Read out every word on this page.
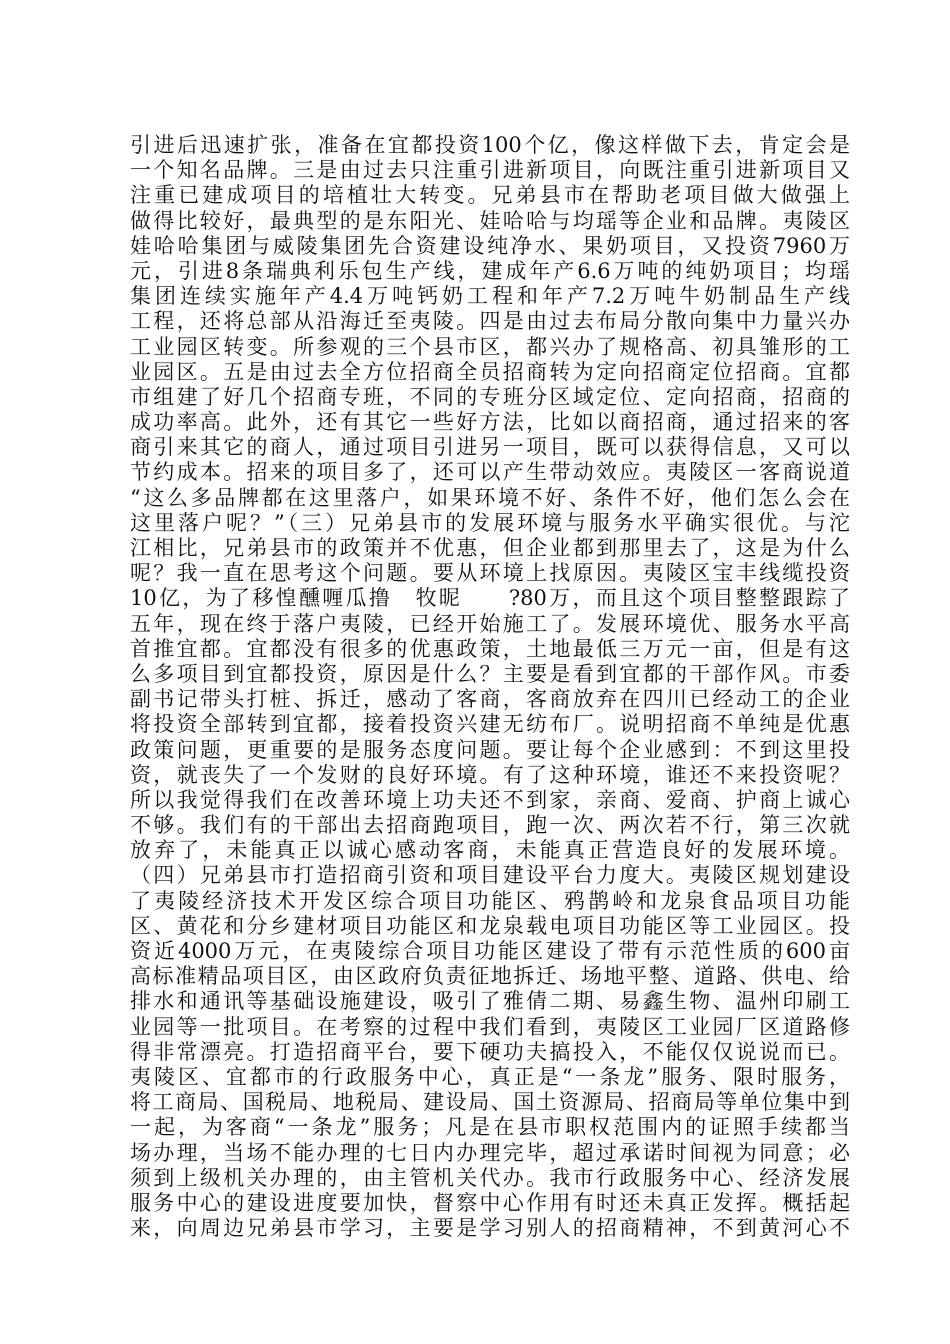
引进后迅速扩张，准备在宜都投资100个亿，像这样做下去，肯定会是
一个知名品牌。三是由过去只注重引进新项目，向既注重引进新项目又
注重已建成项目的培植壮大转变。兄弟县市在帮助老项目做大做强上
做得比较好，最典型的是东阳光、娃哈哈与均瑶等企业和品牌。夷陵区
娃哈哈集团与威陵集团先合资建设纯净水、果奶项目，又投资7960万
元，引进8条瑞典利乐包生产线，建成年产6.6万吨的纯奶项目；均瑶
集团连续实施年产4.4万吨钙奶工程和年产7.2万吨牛奶制品生产线
工程，还将总部从沿海迁至夷陵。四是由过去布局分散向集中力量兴办
工业园区转变。所参观的三个县市区，都兴办了规格高、初具雏形的工
业园区。五是由过去全方位招商全员招商转为定向招商定位招商。宜都
市组建了好几个招商专班，不同的专班分区域定位、定向招商，招商的
成功率高。此外，还有其它一些好方法，比如以商招商，通过招来的客
商引来其它的商人，通过项目引进另一项目，既可以获得信息，又可以
节约成本。招来的项目多了，还可以产生带动效应。夷陵区一客商说道
“这么多品牌都在这里落户，如果环境不好、条件不好，他们怎么会在
这里落户呢？”（三）兄弟县市的发展环境与服务水平确实很优。与沱
江相比，兄弟县市的政策并不优惠，但企业都到那里去了，这是为什么
呢？我一直在思考这个问题。要从环境上找原因。夷陵区宝丰线缆投资
10亿，为了移惶醺喱瓜撸　牧昵　　?80万，而且这个项目整整跟踪了
五年，现在终于落户夷陵，已经开始施工了。发展环境优、服务水平高
首推宜都。宜都没有很多的优惠政策，土地最低三万元一亩，但是有这
么多项目到宜都投资，原因是什么？主要是看到宜都的干部作风。市委
副书记带头打桩、拆迁，感动了客商，客商放弃在四川已经动工的企业
将投资全部转到宜都，接着投资兴建无纺布厂。说明招商不单纯是优惠
政策问题，更重要的是服务态度问题。要让每个企业感到：不到这里投
资，就丧失了一个发财的良好环境。有了这种环境，谁还不来投资呢？
所以我觉得我们在改善环境上功夫还不到家，亲商、爱商、护商上诚心
不够。我们有的干部出去招商跑项目，跑一次、两次若不行，第三次就
放弃了，未能真正以诚心感动客商，未能真正营造良好的发展环境。
（四）兄弟县市打造招商引资和项目建设平台力度大。夷陵区规划建设
了夷陵经济技术开发区综合项目功能区、鸦鹊岭和龙泉食品项目功能
区、黄花和分乡建材项目功能区和龙泉载电项目功能区等工业园区。投
资近4000万元，在夷陵综合项目功能区建设了带有示范性质的600亩
高标准精品项目区，由区政府负责征地拆迁、场地平整、道路、供电、给
排水和通讯等基础设施建设，吸引了雅倩二期、易鑫生物、温州印刷工
业园等一批项目。在考察的过程中我们看到，夷陵区工业园厂区道路修
得非常漂亮。打造招商平台，要下硬功夫搞投入，不能仅仅说说而已。
夷陵区、宜都市的行政服务中心，真正是“一条龙”服务、限时服务，
将工商局、国税局、地税局、建设局、国土资源局、招商局等单位集中到
一起，为客商“一条龙”服务；凡是在县市职权范围内的证照手续都当
场办理，当场不能办理的七日内办理完毕，超过承诺时间视为同意；必
须到上级机关办理的，由主管机关代办。我市行政服务中心、经济发展
服务中心的建设进度要加快，督察中心作用有时还未真正发挥。概括起
来，向周边兄弟县市学习，主要是学习别人的招商精神，不到黄河心不
